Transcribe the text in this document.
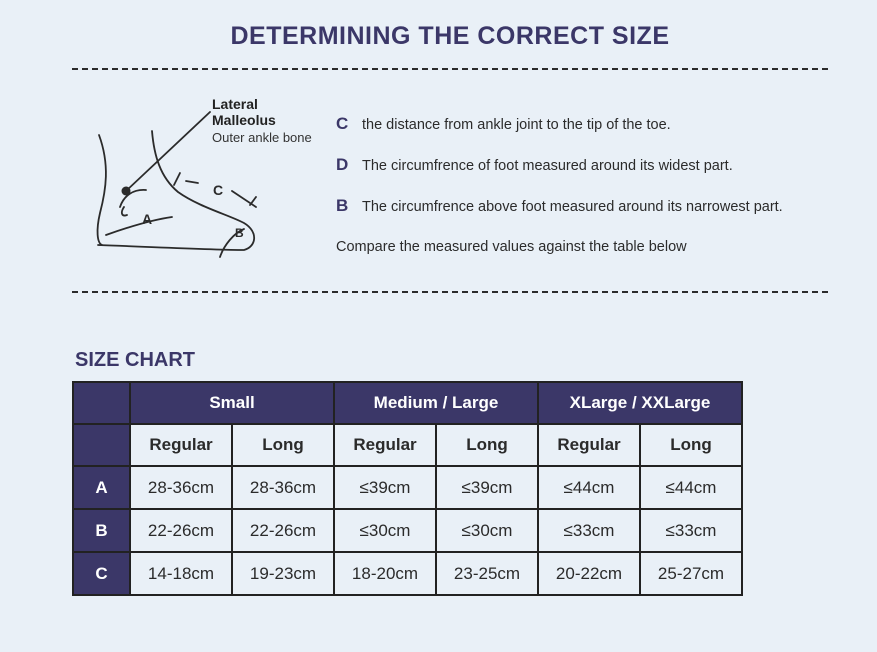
DETERMINING THE CORRECT SIZE
A
B
C
Lateral
Malleolus
Outer ankle bone
C the distance from ankle joint to the tip of the toe.
D The circumfrence of foot measured around its widest part.
B The circumfrence above foot measured around its narrowest part.
Compare the measured values against the table below
SIZE CHART
	Small		Medium / Large		XLarge / XXLarge	
	Regular	Long	Regular	Long	Regular	Long
A	28-36cm	28-36cm	≤39cm	≤39cm	≤44cm	≤44cm
B	22-26cm	22-26cm	≤30cm	≤30cm	≤33cm	≤33cm
C	14-18cm	19-23cm	18-20cm	23-25cm	20-22cm	25-27cm
